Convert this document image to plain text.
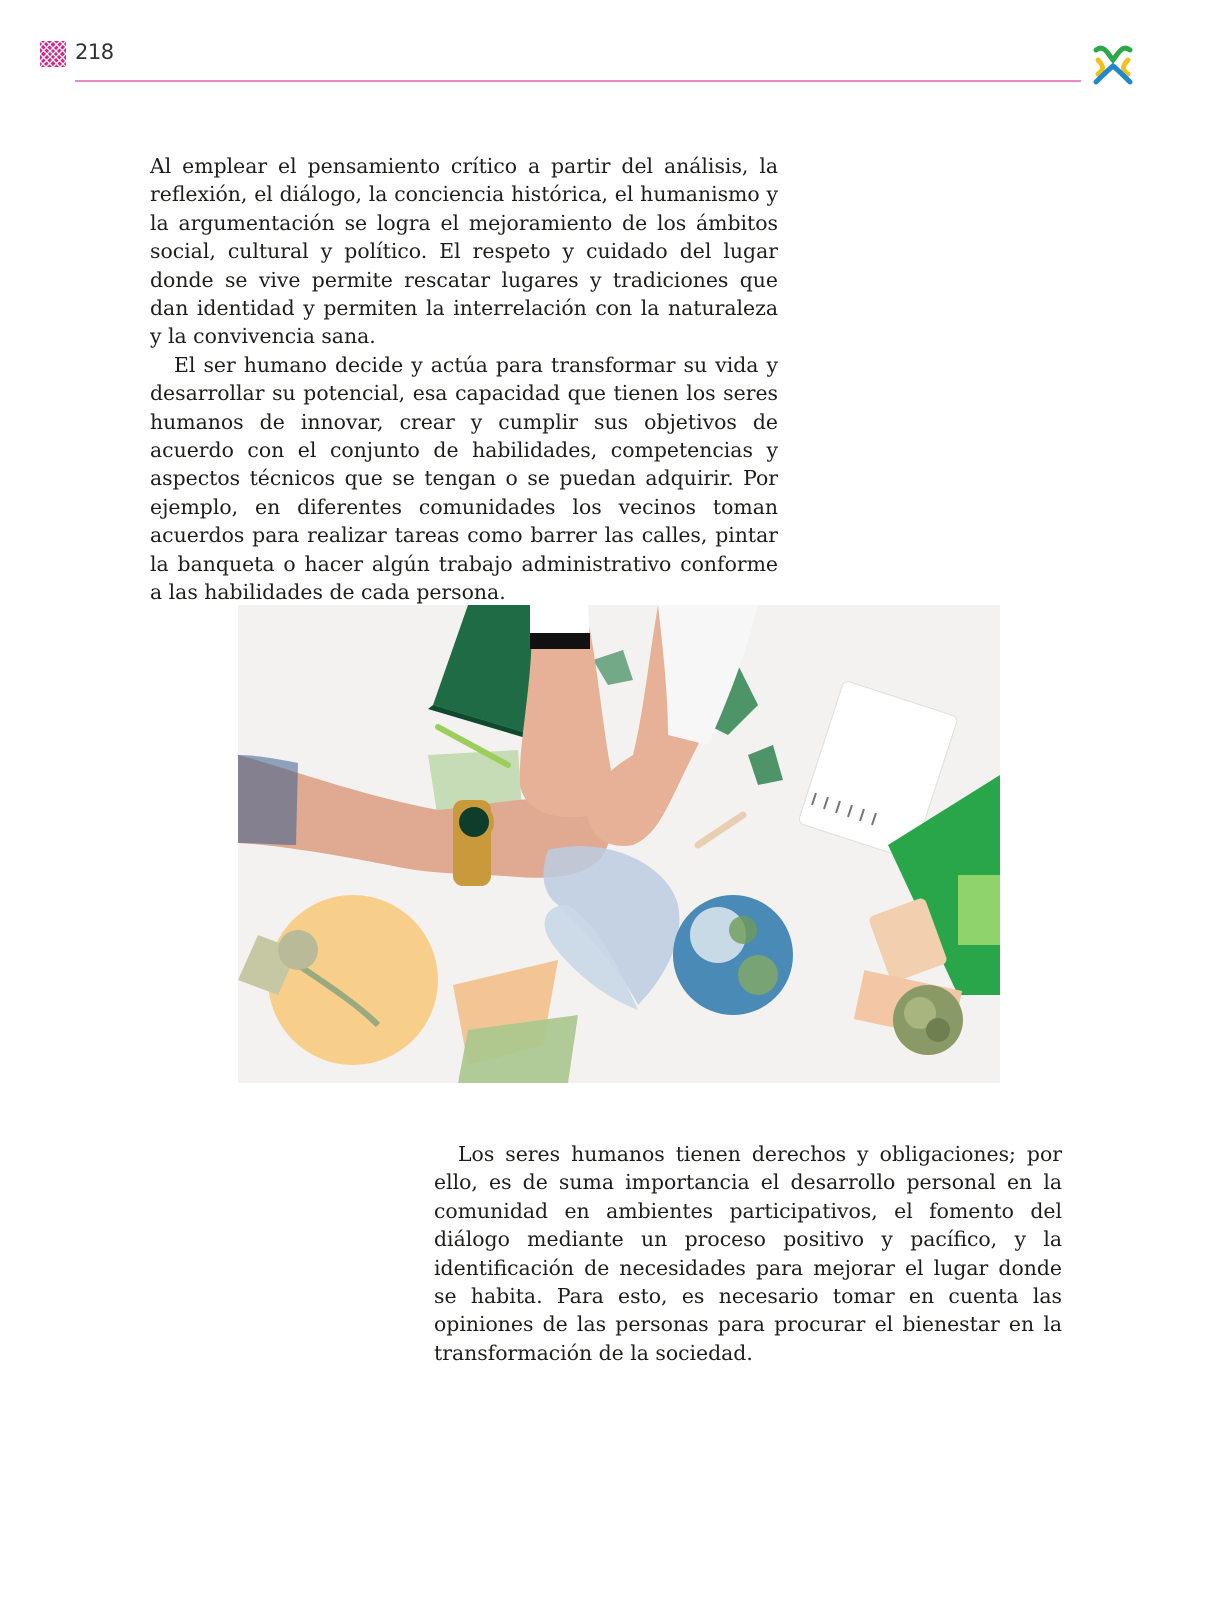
218

Al emplear el pensamiento crítico a partir del análisis, la reflexión, el diálogo, la conciencia histórica, el humanismo y la argumentación se logra el mejoramiento de los ámbitos social, cultural y político. El respeto y cuidado del lugar donde se vive permite rescatar lugares y tradiciones que dan identidad y permiten la interrelación con la naturaleza y la convivencia sana.

El ser humano decide y actúa para transformar su vida y desarrollar su potencial, esa capacidad que tienen los seres humanos de innovar, crear y cumplir sus objetivos de acuerdo con el conjunto de habilidades, competencias y aspectos técnicos que se tengan o se puedan adquirir. Por ejemplo, en diferentes comunidades los vecinos toman acuerdos para realizar tareas como barrer las calles, pintar la banqueta o hacer algún trabajo administrativo conforme a las habilidades de cada persona.

Los seres humanos tienen derechos y obligaciones; por ello, es de suma importancia el desarrollo personal en la comunidad en ambientes participativos, el fomento del diálogo mediante un proceso positivo y pacífico, y la identificación de necesidades para mejorar el lugar donde se habita. Para esto, es necesario tomar en cuenta las opiniones de las personas para procurar el bienestar en la transformación de la sociedad.
